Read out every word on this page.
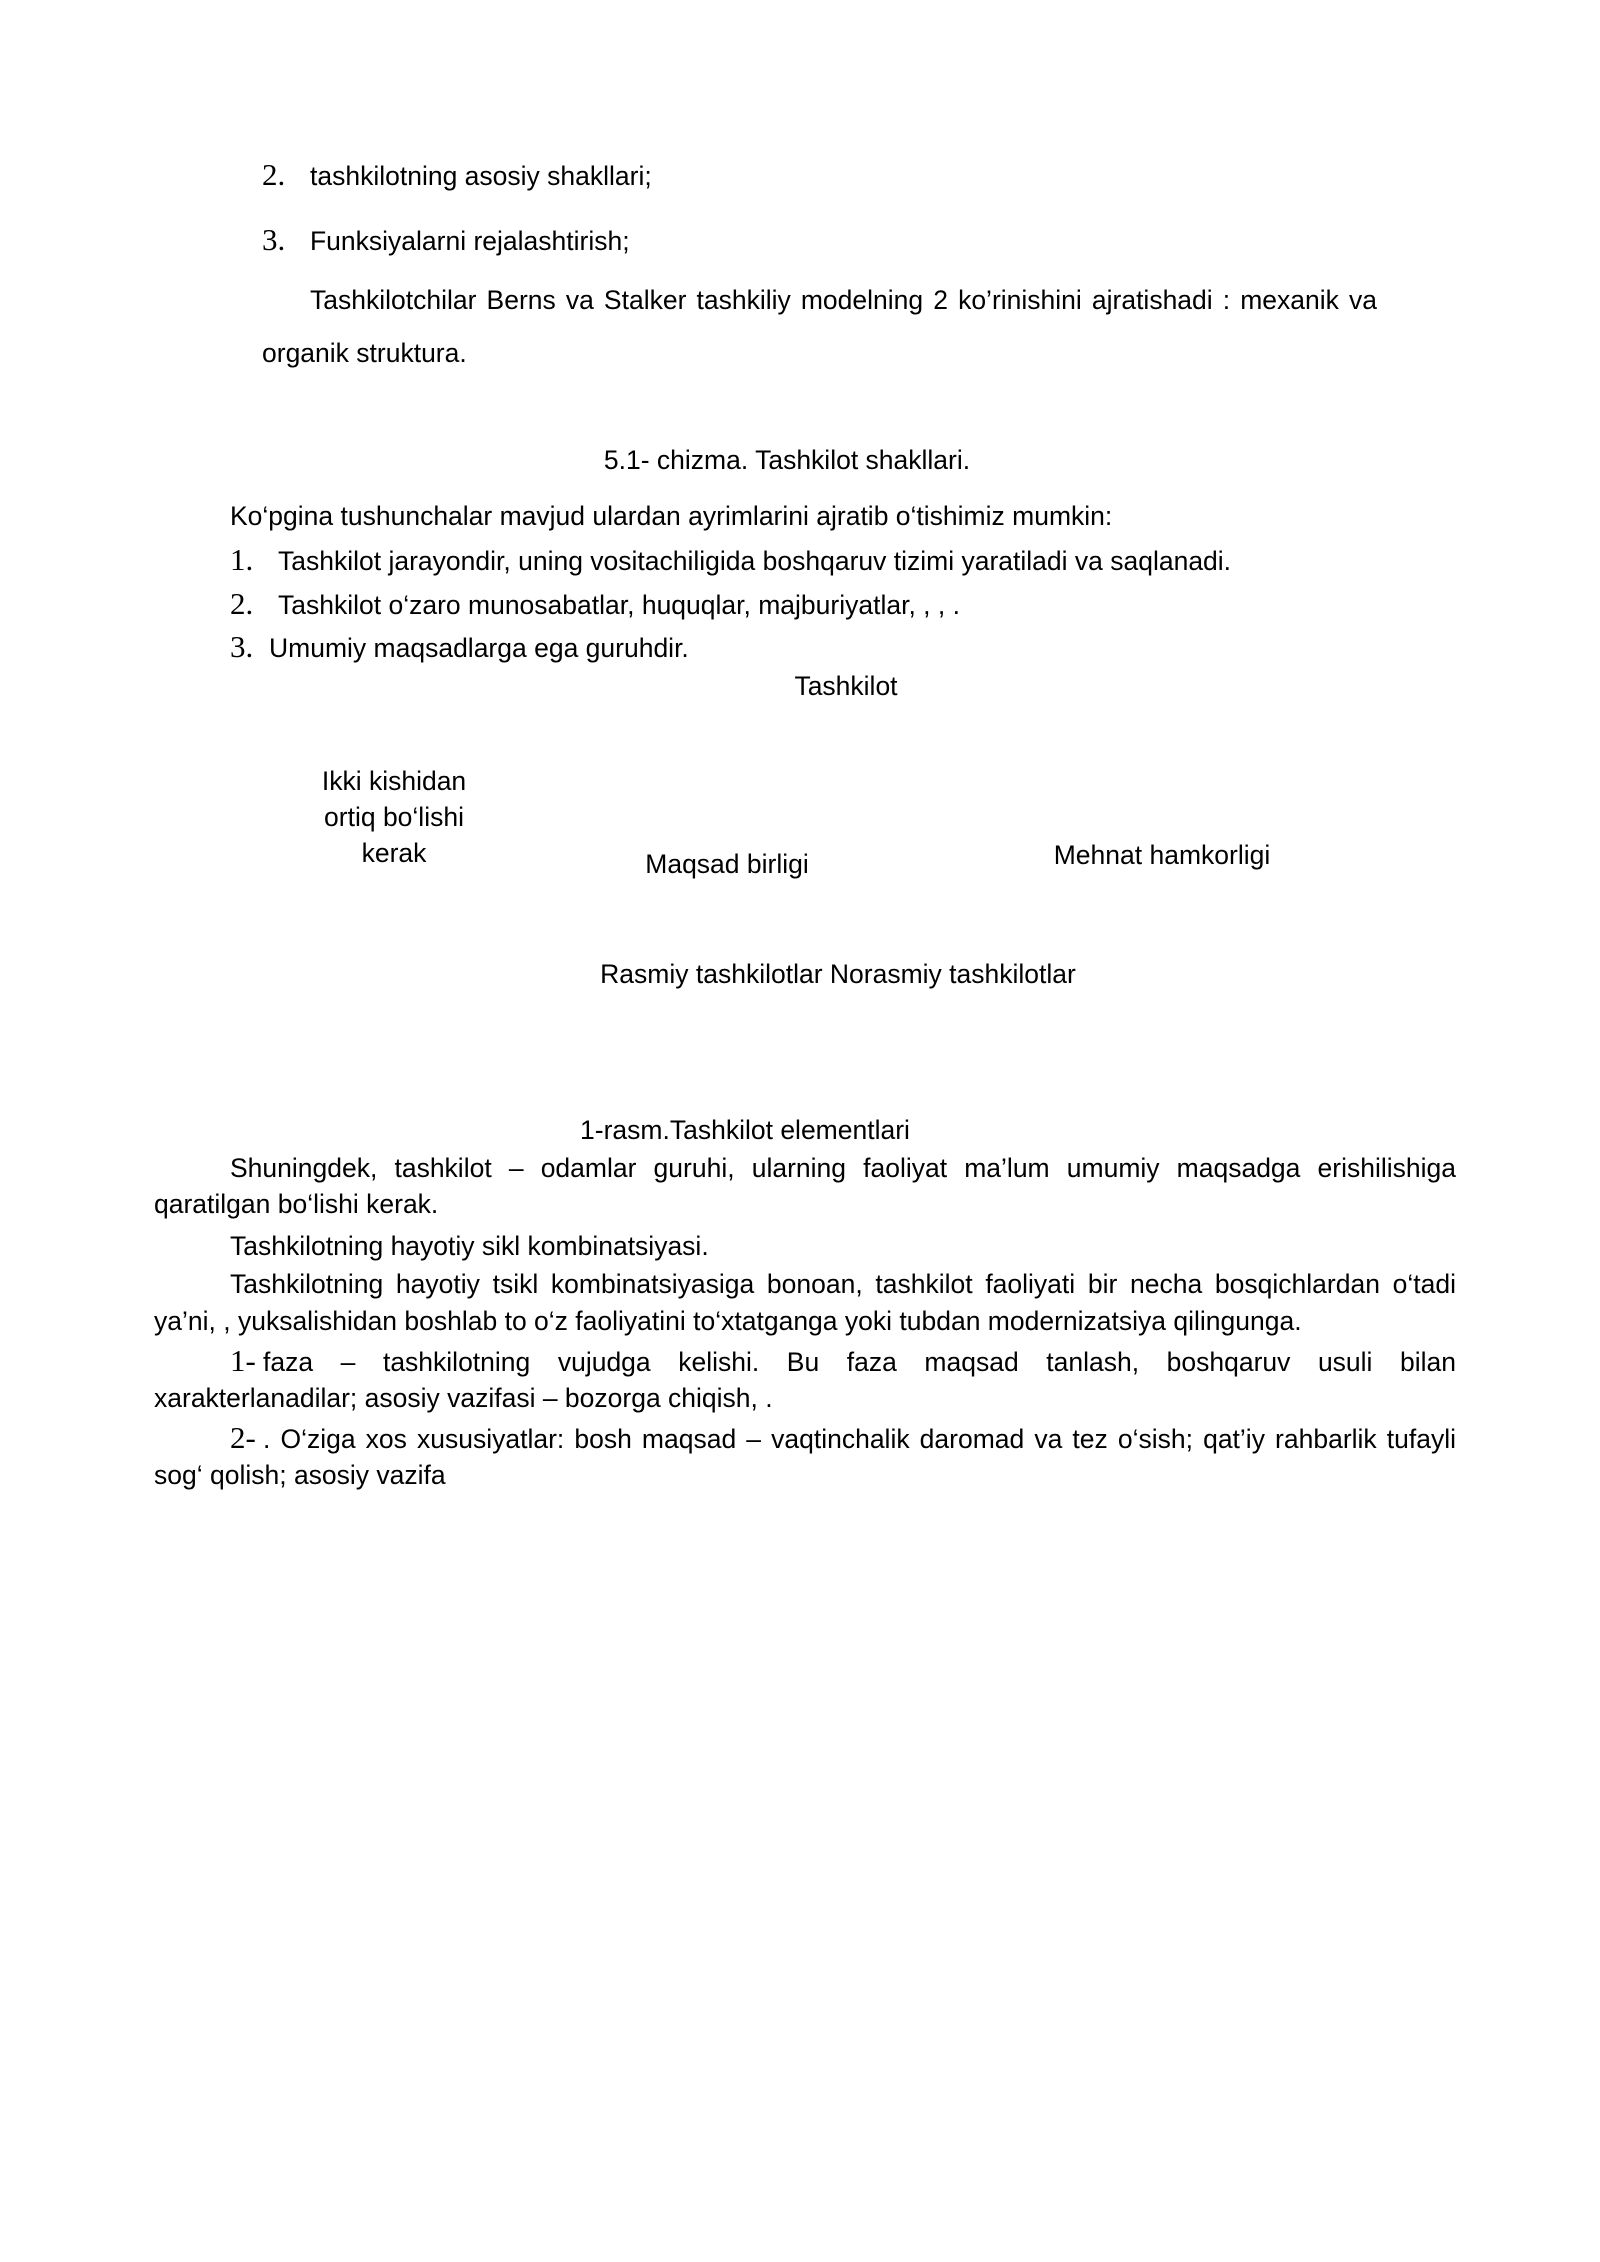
2. tashkilotning asosiy shakllari;
3. Funksiyalarni rejalashtirish;
Tashkilotchilar Berns va Stalker tashkiliy modelning 2 ko’rinishini ajratishadi : mexanik va
organik struktura.
5.1- chizma. Tashkilot shakllari.
Ko‘pgina tushunchalar mavjud ulardan ayrimlarini ajratib o‘tishimiz mumkin:
1. Tashkilot jarayondir, uning vositachiligida boshqaruv tizimi yaratiladi va saqlanadi.
2. Tashkilot o‘zaro munosabatlar, huquqlar, majburiyatlar, , , .
3. Umumiy maqsadlarga ega guruhdir.
Tashkilot
Ikki kishidan
ortiq bo‘lishi
kerak	Maqsad birligi	Mehnat hamkorligi
Rasmiy tashkilotlar Norasmiy tashkilotlar
1-rasm.Tashkilot elementlari
Shuningdek, tashkilot – odamlar guruhi, ularning faoliyat ma’lum umumiy maqsadga erishilishiga
qaratilgan bo‘lishi kerak.
Tashkilotning hayotiy sikl kombinatsiyasi.
Tashkilotning hayotiy tsikl kombinatsiyasiga bonoan, tashkilot faoliyati bir necha bosqichlardan o‘tadi
ya’ni, , yuksalishidan boshlab to o‘z faoliyatini to‘xtatganga yoki tubdan modernizatsiya qilingunga.
1- faza – tashkilotning vujudga kelishi. Bu faza maqsad tanlash, boshqaruv usuli bilan
xarakterlanadilar; asosiy vazifasi – bozorga chiqish, .
2- . O‘ziga xos xususiyatlar: bosh maqsad – vaqtinchalik daromad va tez o‘sish; qat’iy rahbarlik tufayli
sog‘ qolish; asosiy vazifa
